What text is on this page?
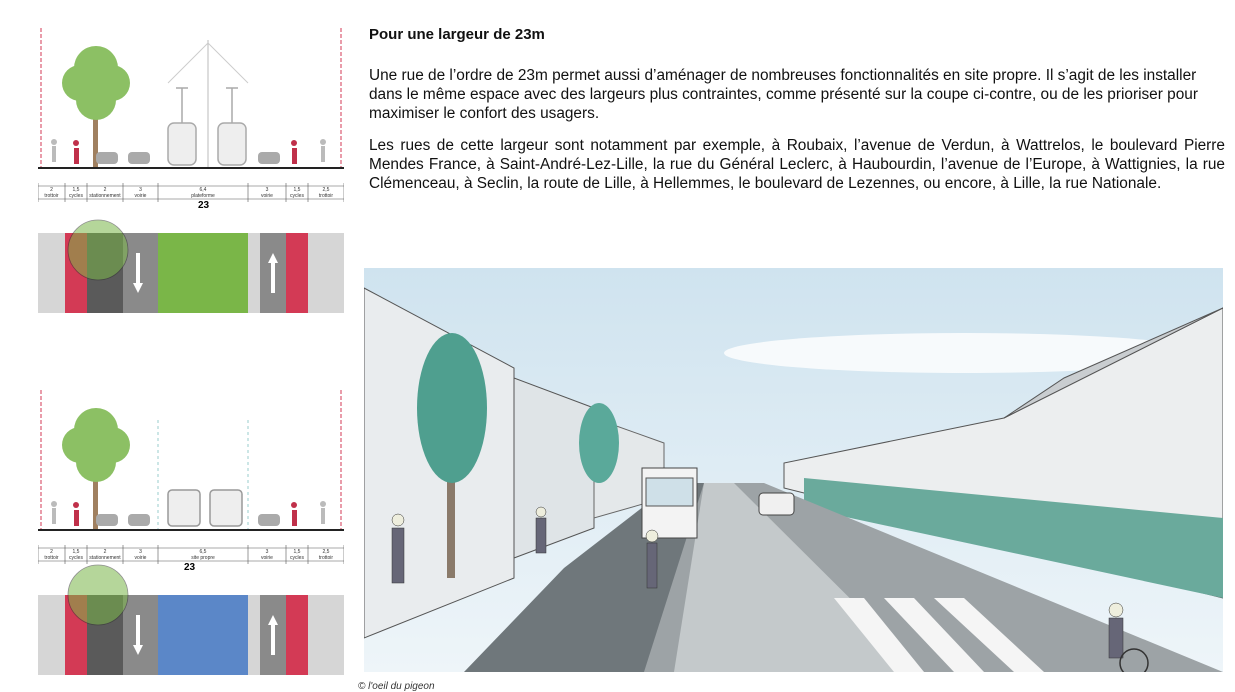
2
trottoir
1,5
cycles
2
stationnement
3
voirie
6,4
plateforme
3
voirie
1,5
cycles
2,5
trottoir
23
2
trottoir
1,5
cycles
2
stationnement
3
voirie
6,5
site propre
3
voirie
1,5
cycles
2,5
trottoir
23
Pour une largeur de 23m
Une rue de l’ordre de 23m permet aussi d’aménager de nombreuses fonctionnalités en site propre. Il s’agit de les installer dans le même espace avec des largeurs plus contraintes, comme présenté sur la coupe ci-contre, ou de les prioriser pour maximiser le confort des usagers.
Les rues de cette largeur sont notamment par exemple, à Roubaix, l’avenue de Verdun, à Wattrelos, le boulevard Pierre Mendes France, à Saint-André-Lez-Lille, la rue du Général Leclerc, à Haubourdin, l’avenue de l’Europe, à Wattignies, la rue Clémenceau, à Seclin, la route de Lille, à Hellemmes, le boulevard de Lezennes, ou encore, à Lille, la rue Nationale.
© l'oeil du pigeon
